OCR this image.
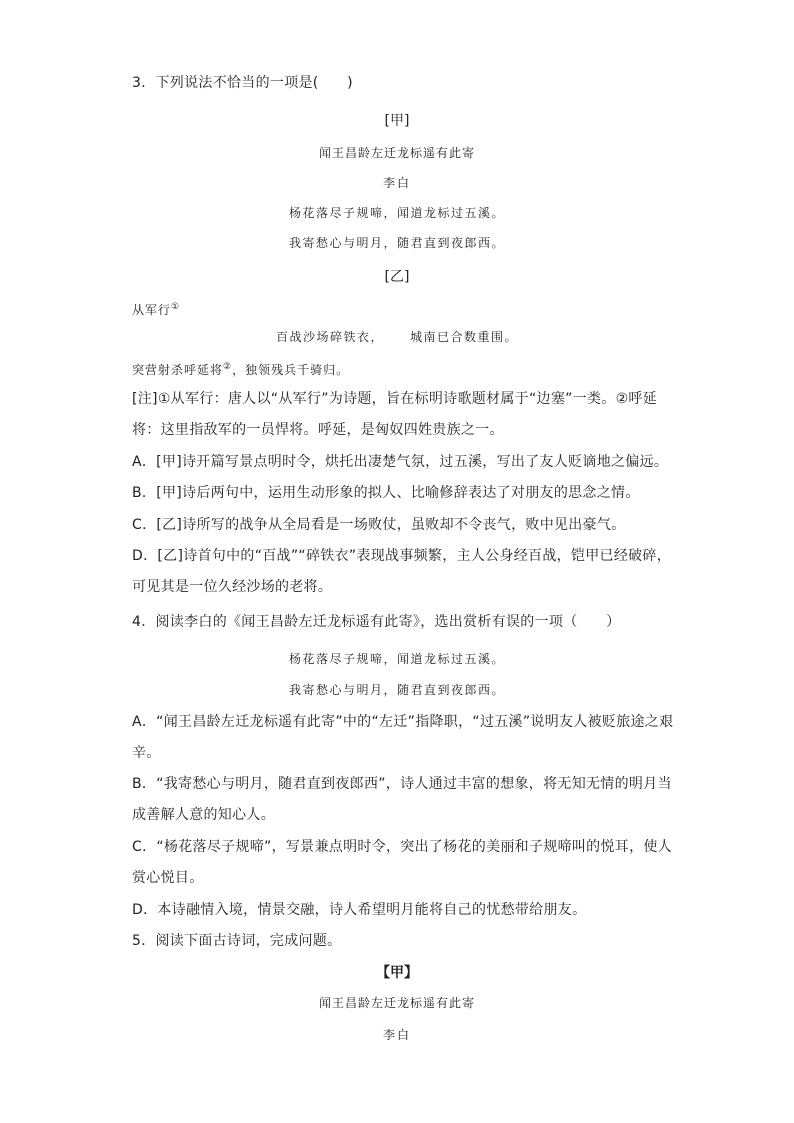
3．下列说法不恰当的一项是(　　)
[甲]
闻王昌龄左迁龙标遥有此寄
李白
杨花落尽子规啼，闻道龙标过五溪。
我寄愁心与明月，随君直到夜郎西。
[乙]
从军行①
百战沙场碎铁衣， 城南已合数重围。
突营射杀呼延将②，独领残兵千骑归。
[注]①从军行：唐人以“从军行”为诗题，旨在标明诗歌题材属于“边塞”一类。②呼延
将：这里指敌军的一员悍将。呼延，是匈奴四姓贵族之一。
A．[甲]诗开篇写景点明时令，烘托出凄楚气氛，过五溪，写出了友人贬谪地之偏远。
B．[甲]诗后两句中，运用生动形象的拟人、比喻修辞表达了对朋友的思念之情。
C．[乙]诗所写的战争从全局看是一场败仗，虽败却不令丧气，败中见出豪气。
D．[乙]诗首句中的“百战”“碎铁衣”表现战事频繁，主人公身经百战，铠甲已经破碎，
可见其是一位久经沙场的老将。
4．阅读李白的《闻王昌龄左迁龙标遥有此寄》，选出赏析有误的一项（　　）
杨花落尽子规啼，闻道龙标过五溪。
我寄愁心与明月，随君直到夜郎西。
A．“闻王昌龄左迁龙标遥有此寄”中的“左迁”指降职，“过五溪”说明友人被贬旅途之艰
辛。
B．“我寄愁心与明月，随君直到夜郎西”，诗人通过丰富的想象，将无知无情的明月当
成善解人意的知心人。
C．“杨花落尽子规啼”，写景兼点明时令，突出了杨花的美丽和子规啼叫的悦耳，使人
赏心悦目。
D．本诗融情入境，情景交融，诗人希望明月能将自己的忧愁带给朋友。
5．阅读下面古诗词，完成问题。
【甲】
闻王昌龄左迁龙标遥有此寄
李白
